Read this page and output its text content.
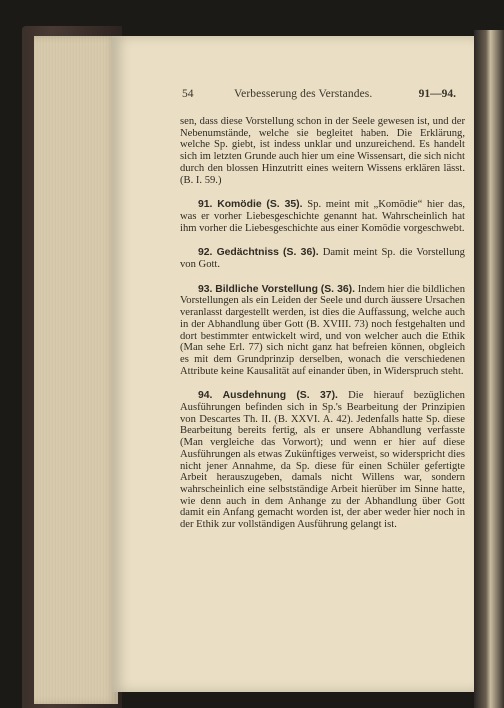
54	Verbesserung des Verstandes.	91—94.

sen, dass diese Vorstellung schon in der Seele gewesen ist, und der Nebenumstände, welche sie begleitet haben. Die Erklärung, welche Sp. giebt, ist indess unklar und unzureichend. Es handelt sich im letzten Grunde auch hier um eine Wissensart, die sich nicht durch den blossen Hinzutritt eines weitern Wissens erklären lässt. (B. I. 59.)

91. Komödie (S. 35). Sp. meint mit „Komödie“ hier das, was er vorher Liebesgeschichte genannt hat. Wahrscheinlich hat ihm vorher die Liebesgeschichte aus einer Komödie vorgeschwebt.

92. Gedächtniss (S. 36). Damit meint Sp. die Vorstellung von Gott.

93. Bildliche Vorstellung (S. 36). Indem hier die bildlichen Vorstellungen als ein Leiden der Seele und durch äussere Ursachen veranlasst dargestellt werden, ist dies die Auffassung, welche auch in der Abhandlung über Gott (B. XVIII. 73) noch festgehalten und dort bestimmter entwickelt wird, und von welcher auch die Ethik (Man sehe Erl. 77) sich nicht ganz hat befreien können, obgleich es mit dem Grundprinzip derselben, wonach die verschiedenen Attribute keine Kausalität auf einander üben, in Widerspruch steht.

94. Ausdehnung (S. 37). Die hierauf bezüglichen Ausführungen befinden sich in Sp.'s Bearbeitung der Prinzipien von Descartes Th. II. (B. XXVI. A. 42). Jedenfalls hatte Sp. diese Bearbeitung bereits fertig, als er unsere Abhandlung verfasste (Man vergleiche das Vorwort); und wenn er hier auf diese Ausführungen als etwas Zukünftiges verweist, so widerspricht dies nicht jener Annahme, da Sp. diese für einen Schüler gefertigte Arbeit herauszugeben, damals nicht Willens war, sondern wahrscheinlich eine selbstständige Arbeit hierüber im Sinne hatte, wie denn auch in dem Anhange zu der Abhandlung über Gott damit ein Anfang gemacht worden ist, der aber weder hier noch in der Ethik zur vollständigen Ausführung gelangt ist.
